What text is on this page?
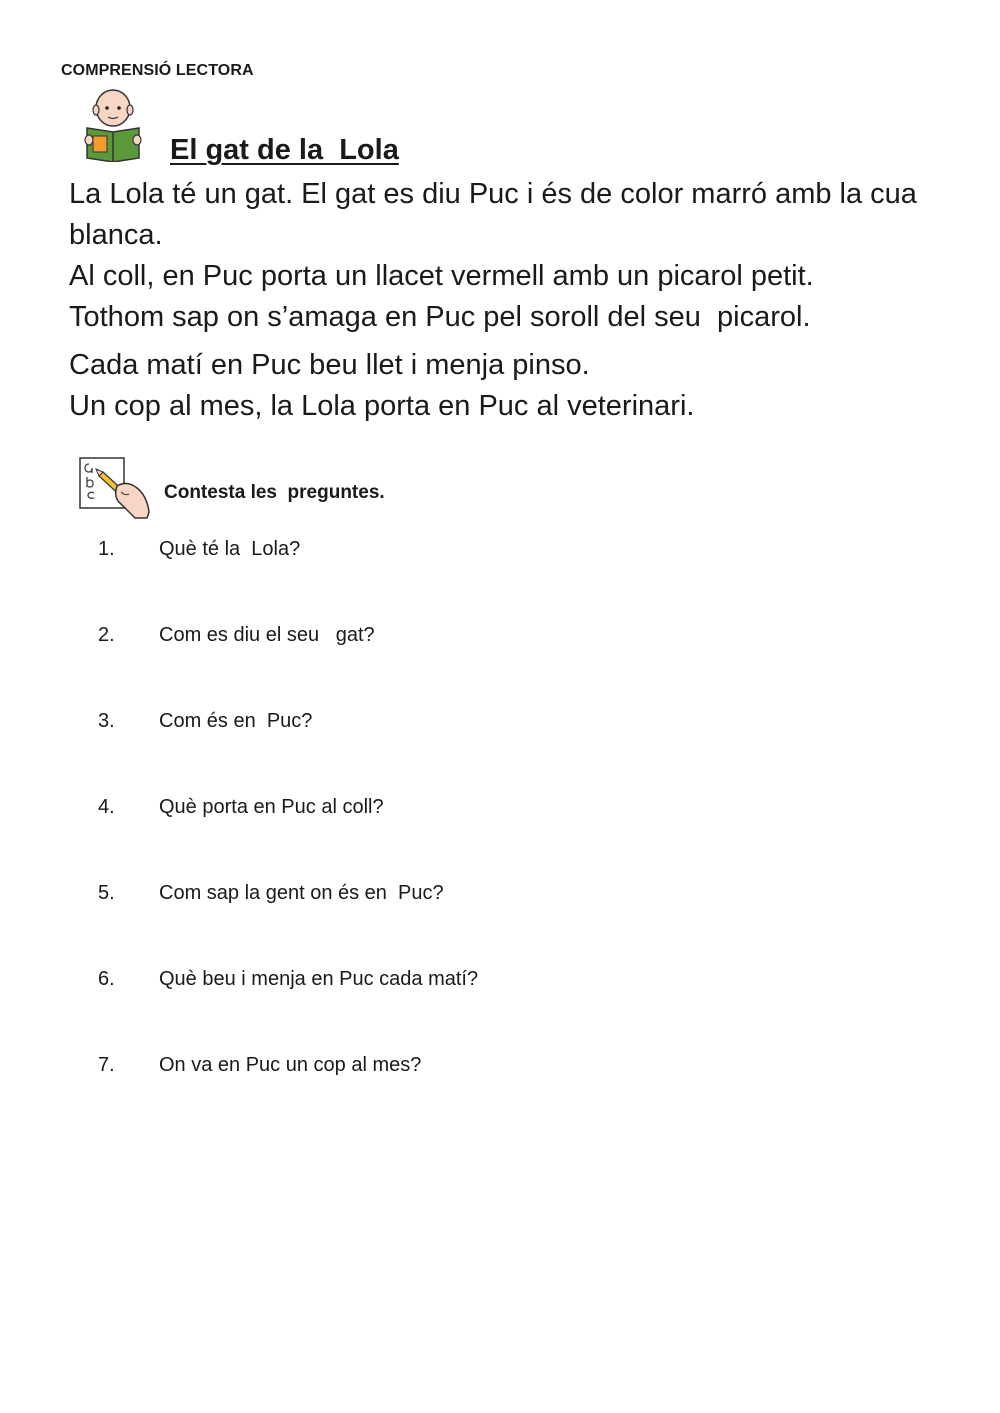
COMPRENSIÓ LECTORA
El gat de la  Lola

La Lola té un gat. El gat es diu Puc i és de color marró amb la cua blanca.

Al coll, en Puc porta un llacet vermell amb un picarol petit.

Tothom sap on s’amaga en Puc pel soroll del seu  picarol.

Cada matí en Puc beu llet i menja pinso.

Un cop al mes, la Lola porta en Puc al veterinari.

Contesta les  preguntes.

1.

Què té la  Lola?

2.

Com es diu el seu   gat?

3.

Com és en  Puc?

4.

Què porta en Puc al coll?

5.

Com sap la gent on és en  Puc?

6.

Què beu i menja en Puc cada matí?

7.

On va en Puc un cop al mes?
